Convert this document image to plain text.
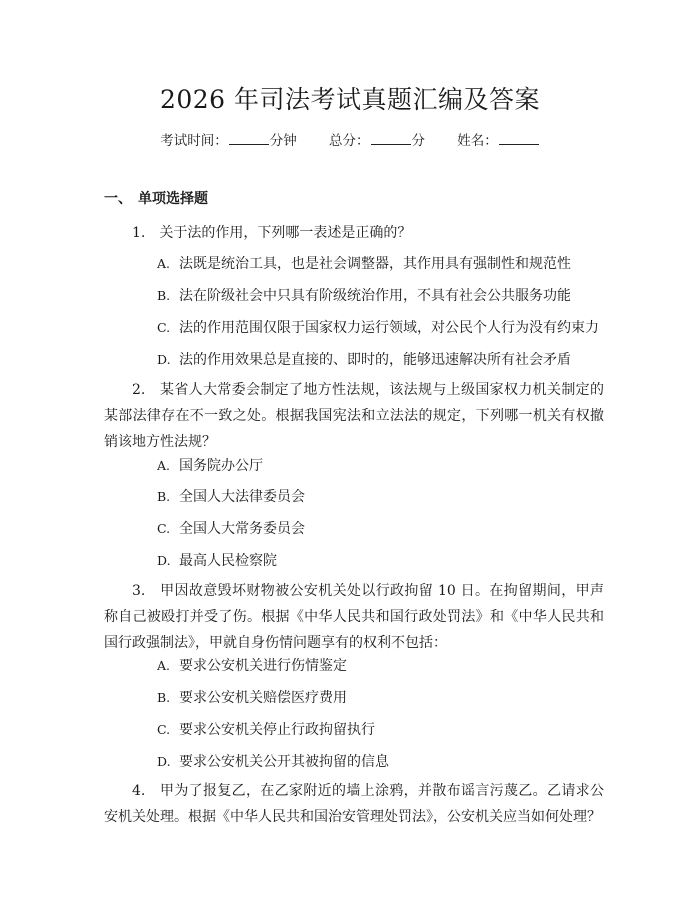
2026 年司法考试真题汇编及答案
考试时间：	分钟 总分：	分 姓名：
一、 单项选择题
1.　关于法的作用，下列哪一表述是正确的？
A. 法既是统治工具，也是社会调整器，其作用具有强制性和规范性
B. 法在阶级社会中只具有阶级统治作用，不具有社会公共服务功能
C. 法的作用范围仅限于国家权力运行领域，对公民个人行为没有约束力
D. 法的作用效果总是直接的、即时的，能够迅速解决所有社会矛盾
2.　某省人大常委会制定了地方性法规，该法规与上级国家权力机关制定的某部法律存在不一致之处。根据我国宪法和立法法的规定，下列哪一机关有权撤销该地方性法规？
A. 国务院办公厅
B. 全国人大法律委员会
C. 全国人大常务委员会
D. 最高人民检察院
3.　甲因故意毁坏财物被公安机关处以行政拘留 10 日。在拘留期间，甲声称自己被殴打并受了伤。根据《中华人民共和国行政处罚法》和《中华人民共和国行政强制法》，甲就自身伤情问题享有的权利不包括：
A. 要求公安机关进行伤情鉴定
B. 要求公安机关赔偿医疗费用
C. 要求公安机关停止行政拘留执行
D. 要求公安机关公开其被拘留的信息
4.　甲为了报复乙，在乙家附近的墙上涂鸦，并散布谣言污蔑乙。乙请求公安机关处理。根据《中华人民共和国治安管理处罚法》，公安机关应当如何处理？
